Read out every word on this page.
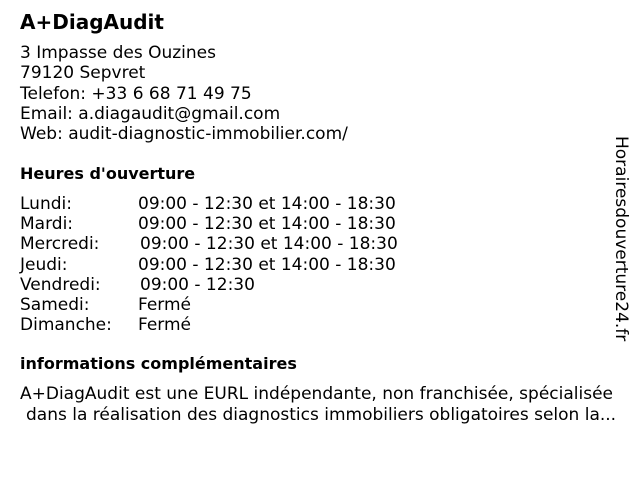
A+DiagAudit
3 Impasse des Ouzines
79120 Sepvret
Telefon: +33 6 68 71 49 75
Email: a.diagaudit@gmail.com
Web: audit-diagnostic-immobilier.com/
Heures d'ouverture
Lundi:	09:00 - 12:30 et 14:00 - 18:30
Mardi:	09:00 - 12:30 et 14:00 - 18:30
Mercredi: 09:00 - 12:30 et 14:00 - 18:30
Jeudi:	09:00 - 12:30 et 14:00 - 18:30
Vendredi: 09:00 - 12:30
Samedi:	Fermé
Dimanche: Fermé
informations complémentaires
A+DiagAudit est une EURL indépendante, non franchisée, spécialisée
dans la réalisation des diagnostics immobiliers obligatoires selon la...
Horairesdouverture24.fr
